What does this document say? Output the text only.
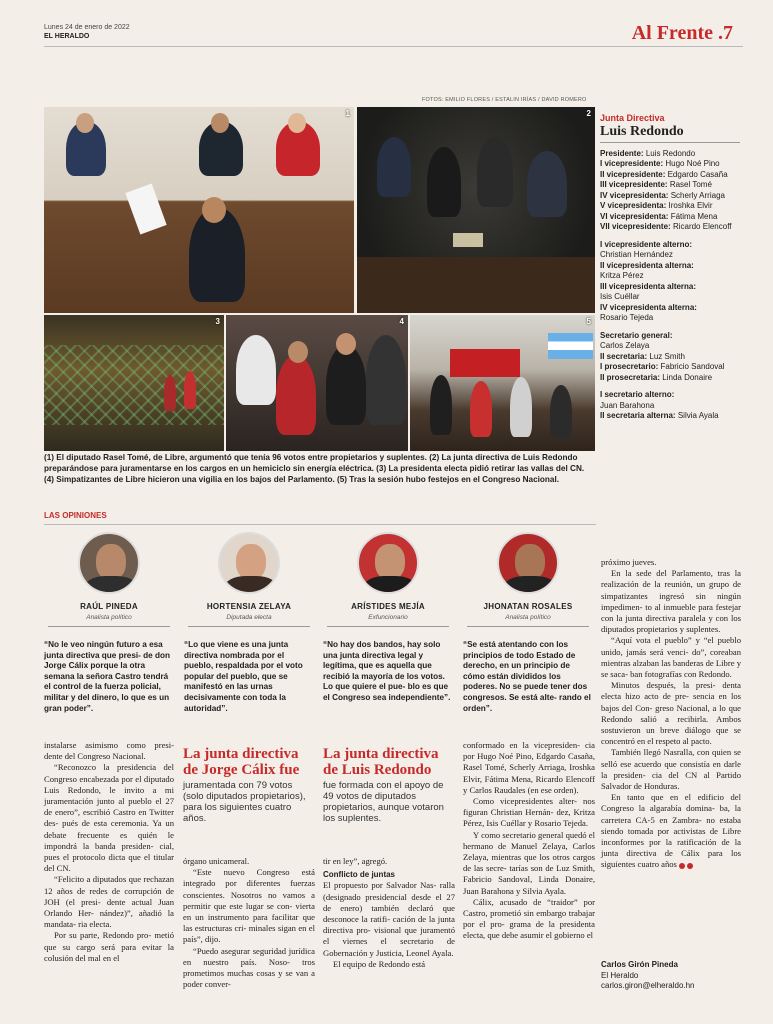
Lunes 24 de enero de 2022
EL HERALDO	Al Frente .7
FOTOS: EMILIO FLORES / ESTALIN IRÍAS / DAVID ROMERO
1	2
3	4	5
(1) El diputado Rasel Tomé, de Libre, argumentó que tenía 96 votos entre propietarios y suplentes. (2) La junta directiva de Luis Redondo preparándose para juramentarse en los cargos en un hemiciclo sin energía eléctrica. (3) La presidenta electa pidió retirar las vallas del CN. (4) Simpatizantes de Libre hicieron una vigilia en los bajos del Parlamento. (5) Tras la sesión hubo festejos en el Congreso Nacional.
Junta Directiva
Luis Redondo
Presidente: Luis Redondo
I vicepresidente: Hugo Noé Pino
II vicepresidente: Edgardo Casaña
III vicepresidente: Rasel Tomé
IV vicepresidenta: Scherly Arriaga
V vicepresidenta: Iroshka Elvir
VI vicepresidenta: Fátima Mena
VII vicepresidente: Ricardo Elencoff
I vicepresidente alterno:
Christian Hernández
II vicepresidenta alterna:
Kritza Pérez
III vicepresidenta alterna:
Isis Cuéllar
IV vicepresidenta alterna:
Rosario Tejeda
Secretario general:
Carlos Zelaya
II secretaria: Luz Smith
I prosecretario: Fabricio Sandoval
II prosecretaria: Linda Donaire
I secretario alterno:
Juan Barahona
II secretaria alterna: Silvia Ayala
LAS OPINIONES
RAÚL PINEDA
Analista político
“No le veo ningún futuro a esa junta directiva que presi- de don Jorge Cálix porque la otra semana la señora Castro tendrá el control de la fuerza policial, militar y del dinero, lo que es un gran poder”.
HORTENSIA ZELAYA
Diputada electa
“Lo que viene es una junta directiva nombrada por el pueblo, respaldada por el voto popular del pueblo, que se manifestó en las urnas decisivamente con toda la autoridad”.
ARÍSTIDES MEJÍA
Exfuncionario
“No hay dos bandos, hay solo una junta directiva legal y legítima, que es aquella que recibió la mayoría de los votos. Lo que quiere el pue- blo es que el Congreso sea independiente”.
JHONATAN ROSALES
Analista político
“Se está atentando con los principios de todo Estado de derecho, en un principio de cómo están divididos los poderes. No se puede tener dos congresos. Se está alte- rando el orden”.

instalarse asimismo como presi- dente del Congreso Nacional.

“Reconozco la presidencia del Congreso encabezada por el diputado Luis Redondo, le invito a mi juramentación junto al pueblo el 27 de enero”, escribió Castro en Twitter des- pués de esta ceremonia. Ya un debate frecuente es quién le impondrá la banda presiden- cial, pues el protocolo dicta que el titular del CN.

“Felicito a diputados que rechazan 12 años de redes de corrupción de JOH (el presi- dente actual Juan Orlando Her- nández)”, añadió la mandata- ria electa.

Por su parte, Redondo pro- metió que su cargo será para evitar la colusión del mal en el

La junta directiva de Jorge Cálix fue
juramentada con 79 votos (solo diputados propietarios), para los siguientes cuatro años.
La junta directiva de Luis Redondo
fue formada con el apoyo de 49 votos de diputados propietarios, aunque votaron los suplentes.

órgano unicameral.

“Este nuevo Congreso está integrado por diferentes fuerzas conscientes. Nosotros no vamos a permitir que este lugar se con- vierta en un instrumento para facilitar que las estructuras cri- minales sigan en el país”, dijo.

“Puedo asegurar seguridad jurídica en nuestro país. Noso- tros prometimos muchas cosas y se van a poder conver-

tir en ley”, agregó.

Conflicto de juntas

El propuesto por Salvador Nas- ralla (designado presidencial desde el 27 de enero) también declaró que desconoce la ratifi- cación de la junta directiva pro- visional que juramentó el viernes el secretario de Gobernación y Justicia, Leonel Ayala.

El equipo de Redondo está

conformado en la vicepresiden- cia por Hugo Noé Pino, Edgardo Casaña, Rasel Tomé, Scherly Arriaga, Iroshka Elvir, Fátima Mena, Ricardo Elencoff y Carlos Raudales (en ese orden).

Como vicepresidentes alter- nos figuran Christian Hernán- dez, Kritza Pérez, Isis Cuéllar y Rosario Tejeda.

Y como secretario general quedó el hermano de Manuel Zelaya, Carlos Zelaya, mientras que los otros cargos de las secre- tarías son de Luz Smith, Fabricio Sandoval, Linda Donaire, Juan Barahona y Silvia Ayala.

Cálix, acusado de “traidor” por Castro, prometió sin embargo trabajar por el pro- grama de la presidenta electa, que debe asumir el gobierno el

próximo jueves.

En la sede del Parlamento, tras la realización de la reunión, un grupo de simpatizantes ingresó sin ningún impedimen- to al inmueble para festejar con la junta directiva paralela y con los diputados propietarios y suplentes.

“Aquí vota el pueblo” y “el pueblo unido, jamás será venci- do”, coreaban mientras alzaban las banderas de Libre y se saca- ban fotografías con Redondo.

Minutos después, la presi- denta electa hizo acto de pre- sencia en los bajos del Con- greso Nacional, a lo que Redondo salió a recibirla. Ambos sostuvieron un breve diálogo que se concentró en el respeto al pacto.

También llegó Nasralla, con quien se selló ese acuerdo que consistía en darle la presiden- cia del CN al Partido Salvador de Honduras.

En tanto que en el edificio del Congreso la algarabía domina- ba, la carretera CA-5 en Zambra- no estaba siendo tomada por activistas de Libre inconformes por la ratificación de la junta directiva de Cálix para los siguientes cuatro años

Carlos Girón Pineda
El Heraldo
carlos.giron@elheraldo.hn
